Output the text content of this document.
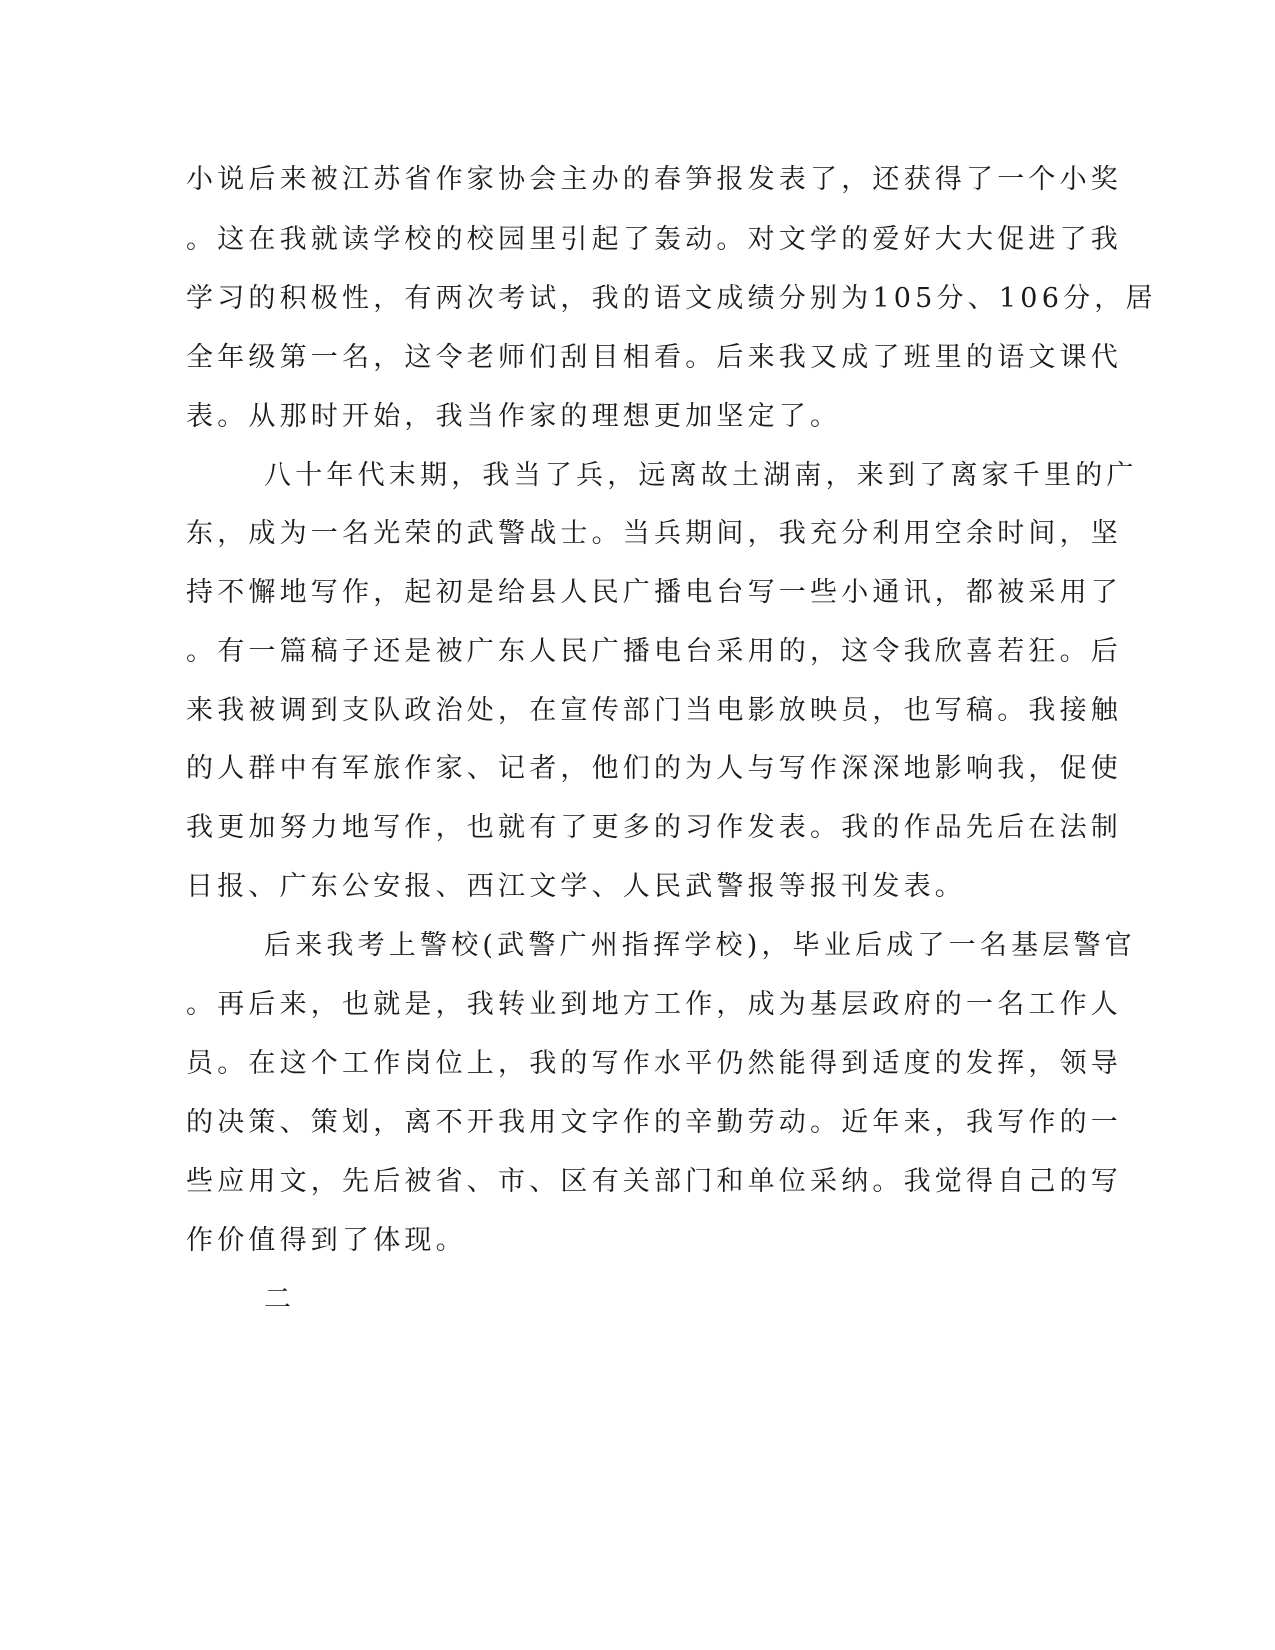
小说后来被江苏省作家协会主办的春笋报发表了，还获得了一个小奖

。这在我就读学校的校园里引起了轰动。对文学的爱好大大促进了我

学习的积极性，有两次考试，我的语文成绩分别为105分、106分，居

全年级第一名，这令老师们刮目相看。后来我又成了班里的语文课代

表。从那时开始，我当作家的理想更加坚定了。

八十年代末期，我当了兵，远离故土湖南，来到了离家千里的广

东，成为一名光荣的武警战士。当兵期间，我充分利用空余时间，坚

持不懈地写作，起初是给县人民广播电台写一些小通讯，都被采用了

。有一篇稿子还是被广东人民广播电台采用的，这令我欣喜若狂。后

来我被调到支队政治处，在宣传部门当电影放映员，也写稿。我接触

的人群中有军旅作家、记者，他们的为人与写作深深地影响我，促使

我更加努力地写作，也就有了更多的习作发表。我的作品先后在法制

日报、广东公安报、西江文学、人民武警报等报刊发表。

后来我考上警校(武警广州指挥学校)，毕业后成了一名基层警官

。再后来，也就是，我转业到地方工作，成为基层政府的一名工作人

员。在这个工作岗位上，我的写作水平仍然能得到适度的发挥，领导

的决策、策划，离不开我用文字作的辛勤劳动。近年来，我写作的一

些应用文，先后被省、市、区有关部门和单位采纳。我觉得自己的写

作价值得到了体现。

二
